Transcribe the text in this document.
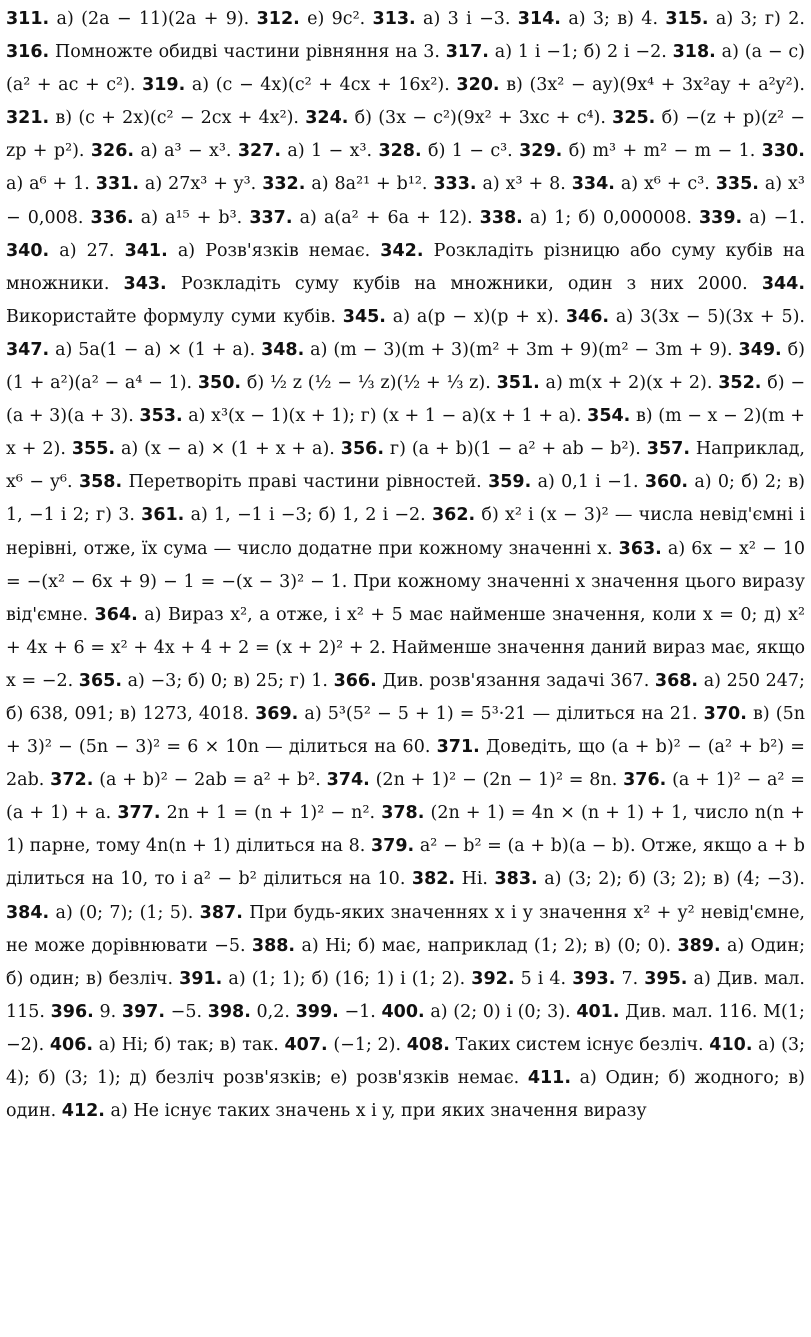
311. а) (2a − 11)(2a + 9). 312. е) 9c². 313. а) 3 і −3. 314. а) 3; в) 4. 315. а) 3; г) 2. 316. Помножте обидві частини рівняння на 3. 317. а) 1 і −1; б) 2 і −2. 318. а) (a − c)(a² + ac + c²). 319. а) (c − 4x)(c² + 4cx + 16x²). 320. в) (3x² − ay)(9x⁴ + 3x²ay + a²y²). 321. в) (c + 2x)(c² − 2cx + 4x²). 324. б) (3x − c²)(9x² + 3xc + c⁴). 325. б) −(z + p)(z² − zp + p²). 326. а) a³ − x³. 327. а) 1 − x³. 328. б) 1 − c³. 329. б) m³ + m² − m − 1. 330. а) a⁶ + 1. 331. а) 27x³ + y³. 332. а) 8a²¹ + b¹². 333. а) x³ + 8. 334. а) x⁶ + c³. 335. а) x³ − 0,008. 336. а) a¹⁵ + b³. 337. а) a(a² + 6a + 12). 338. а) 1; б) 0,000008. 339. а) −1. 340. а) 27. 341. а) Розв'язків немає. 342. Розкладіть різницю або суму кубів на множники. 343. Розкладіть суму кубів на множники, один з них 2000. 344. Використайте формулу суми кубів. 345. а) a(p − x)(p + x). 346. а) 3(3x − 5)(3x + 5). 347. а) 5a(1 − a) × (1 + a). 348. а) (m − 3)(m + 3)(m² + 3m + 9)(m² − 3m + 9). 349. б) (1 + a²)(a² − a⁴ − 1). 350. б) ½ z (½ − ⅓ z)(½ + ⅓ z). 351. а) m(x + 2)(x + 2). 352. б) −(a + 3)(a + 3). 353. а) x³(x − 1)(x + 1); г) (x + 1 − a)(x + 1 + a). 354. в) (m − x − 2)(m + x + 2). 355. а) (x − a) × (1 + x + a). 356. г) (a + b)(1 − a² + ab − b²). 357. Наприклад, x⁶ − y⁶. 358. Перетворіть праві частини рівностей. 359. а) 0,1 і −1. 360. а) 0; б) 2; в) 1, −1 і 2; г) 3. 361. а) 1, −1 і −3; б) 1, 2 і −2. 362. б) x² і (x − 3)² — числа невід'ємні і нерівні, отже, їх сума — число додатне при кожному значенні x. 363. а) 6x − x² − 10 = −(x² − 6x + 9) − 1 = −(x − 3)² − 1. При кожному значенні x значення цього виразу від'ємне. 364. а) Вираз x², а отже, і x² + 5 має найменше значення, коли x = 0; д) x² + 4x + 6 = x² + 4x + 4 + 2 = (x + 2)² + 2. Найменше значення даний вираз має, якщо x = −2. 365. а) −3; б) 0; в) 25; г) 1. 366. Див. розв'язання задачі 367. 368. а) 250 247; б) 638, 091; в) 1273, 4018. 369. а) 5³(5² − 5 + 1) = 5³·21 — ділиться на 21. 370. в) (5n + 3)² − (5n − 3)² = 6 × 10n — ділиться на 60. 371. Доведіть, що (a + b)² − (a² + b²) = 2ab. 372. (a + b)² − 2ab = a² + b². 374. (2n + 1)² − (2n − 1)² = 8n. 376. (a + 1)² − a² = (a + 1) + a. 377. 2n + 1 = (n + 1)² − n². 378. (2n + 1) = 4n × (n + 1) + 1, число n(n + 1) парне, тому 4n(n + 1) ділиться на 8. 379. a² − b² = (a + b)(a − b). Отже, якщо a + b ділиться на 10, то і a² − b² ділиться на 10. 382. Ні. 383. а) (3; 2); б) (3; 2); в) (4; −3). 384. а) (0; 7); (1; 5). 387. При будь-яких значеннях x і y значення x² + y² невід'ємне, не може дорівнювати −5. 388. а) Ні; б) має, наприклад (1; 2); в) (0; 0). 389. а) Один; б) один; в) безліч. 391. а) (1; 1); б) (16; 1) і (1; 2). 392. 5 і 4. 393. 7. 395. а) Див. мал. 115. 396. 9. 397. −5. 398. 0,2. 399. −1. 400. а) (2; 0) і (0; 3). 401. Див. мал. 116. M(1; −2). 406. а) Ні; б) так; в) так. 407. (−1; 2). 408. Таких систем існує безліч. 410. а) (3; 4); б) (3; 1); д) безліч розв'язків; е) розв'язків немає. 411. а) Один; б) жодного; в) один. 412. а) Не існує таких значень x і y, при яких значення виразу
